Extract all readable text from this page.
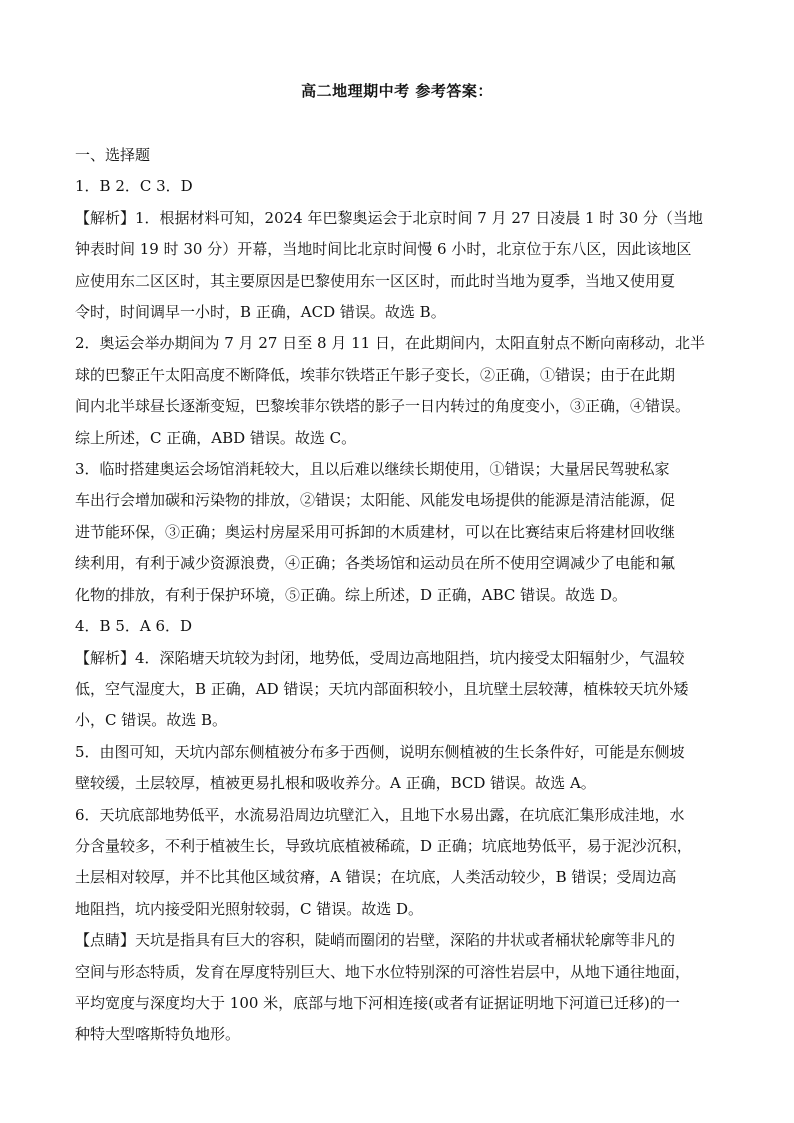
高二地理期中考 参考答案：
一、选择题
1．B 2．C 3．D
【解析】1．根据材料可知，2024 年巴黎奥运会于北京时间 7 月 27 日凌晨 1 时 30 分（当地
钟表时间 19 时 30 分）开幕，当地时间比北京时间慢 6 小时，北京位于东八区，因此该地区
应使用东二区区时，其主要原因是巴黎使用东一区区时，而此时当地为夏季，当地又使用夏
令时，时间调早一小时，B 正确，ACD 错误。故选 B。
2．奥运会举办期间为 7 月 27 日至 8 月 11 日，在此期间内，太阳直射点不断向南移动，北半
球的巴黎正午太阳高度不断降低，埃菲尔铁塔正午影子变长，②正确，①错误；由于在此期
间内北半球昼长逐渐变短，巴黎埃菲尔铁塔的影子一日内转过的角度变小，③正确，④错误。
综上所述，C 正确，ABD 错误。故选 C。
3．临时搭建奥运会场馆消耗较大，且以后难以继续长期使用，①错误；大量居民驾驶私家
车出行会增加碳和污染物的排放，②错误；太阳能、风能发电场提供的能源是清洁能源，促
进节能环保，③正确；奥运村房屋采用可拆卸的木质建材，可以在比赛结束后将建材回收继
续利用，有利于减少资源浪费，④正确；各类场馆和运动员在所不使用空调减少了电能和氟
化物的排放，有利于保护环境，⑤正确。综上所述，D 正确，ABC 错误。故选 D。
4．B 5．A 6．D
【解析】4．深陷塘天坑较为封闭，地势低，受周边高地阻挡，坑内接受太阳辐射少，气温较
低，空气湿度大，B 正确，AD 错误；天坑内部面积较小，且坑壁土层较薄，植株较天坑外矮
小，C 错误。故选 B。
5．由图可知，天坑内部东侧植被分布多于西侧，说明东侧植被的生长条件好，可能是东侧坡
壁较缓，土层较厚，植被更易扎根和吸收养分。A 正确，BCD 错误。故选 A。
6．天坑底部地势低平，水流易沿周边坑壁汇入，且地下水易出露，在坑底汇集形成洼地，水
分含量较多，不利于植被生长，导致坑底植被稀疏，D 正确；坑底地势低平，易于泥沙沉积，
土层相对较厚，并不比其他区域贫瘠，A 错误；在坑底，人类活动较少，B 错误；受周边高
地阻挡，坑内接受阳光照射较弱，C 错误。故选 D。
【点睛】天坑是指具有巨大的容积，陡峭而圈闭的岩壁，深陷的井状或者桶状轮廓等非凡的
空间与形态特质，发育在厚度特别巨大、地下水位特别深的可溶性岩层中，从地下通往地面，
平均宽度与深度均大于 100 米，底部与地下河相连接(或者有证据证明地下河道已迁移)的一
种特大型喀斯特负地形。
